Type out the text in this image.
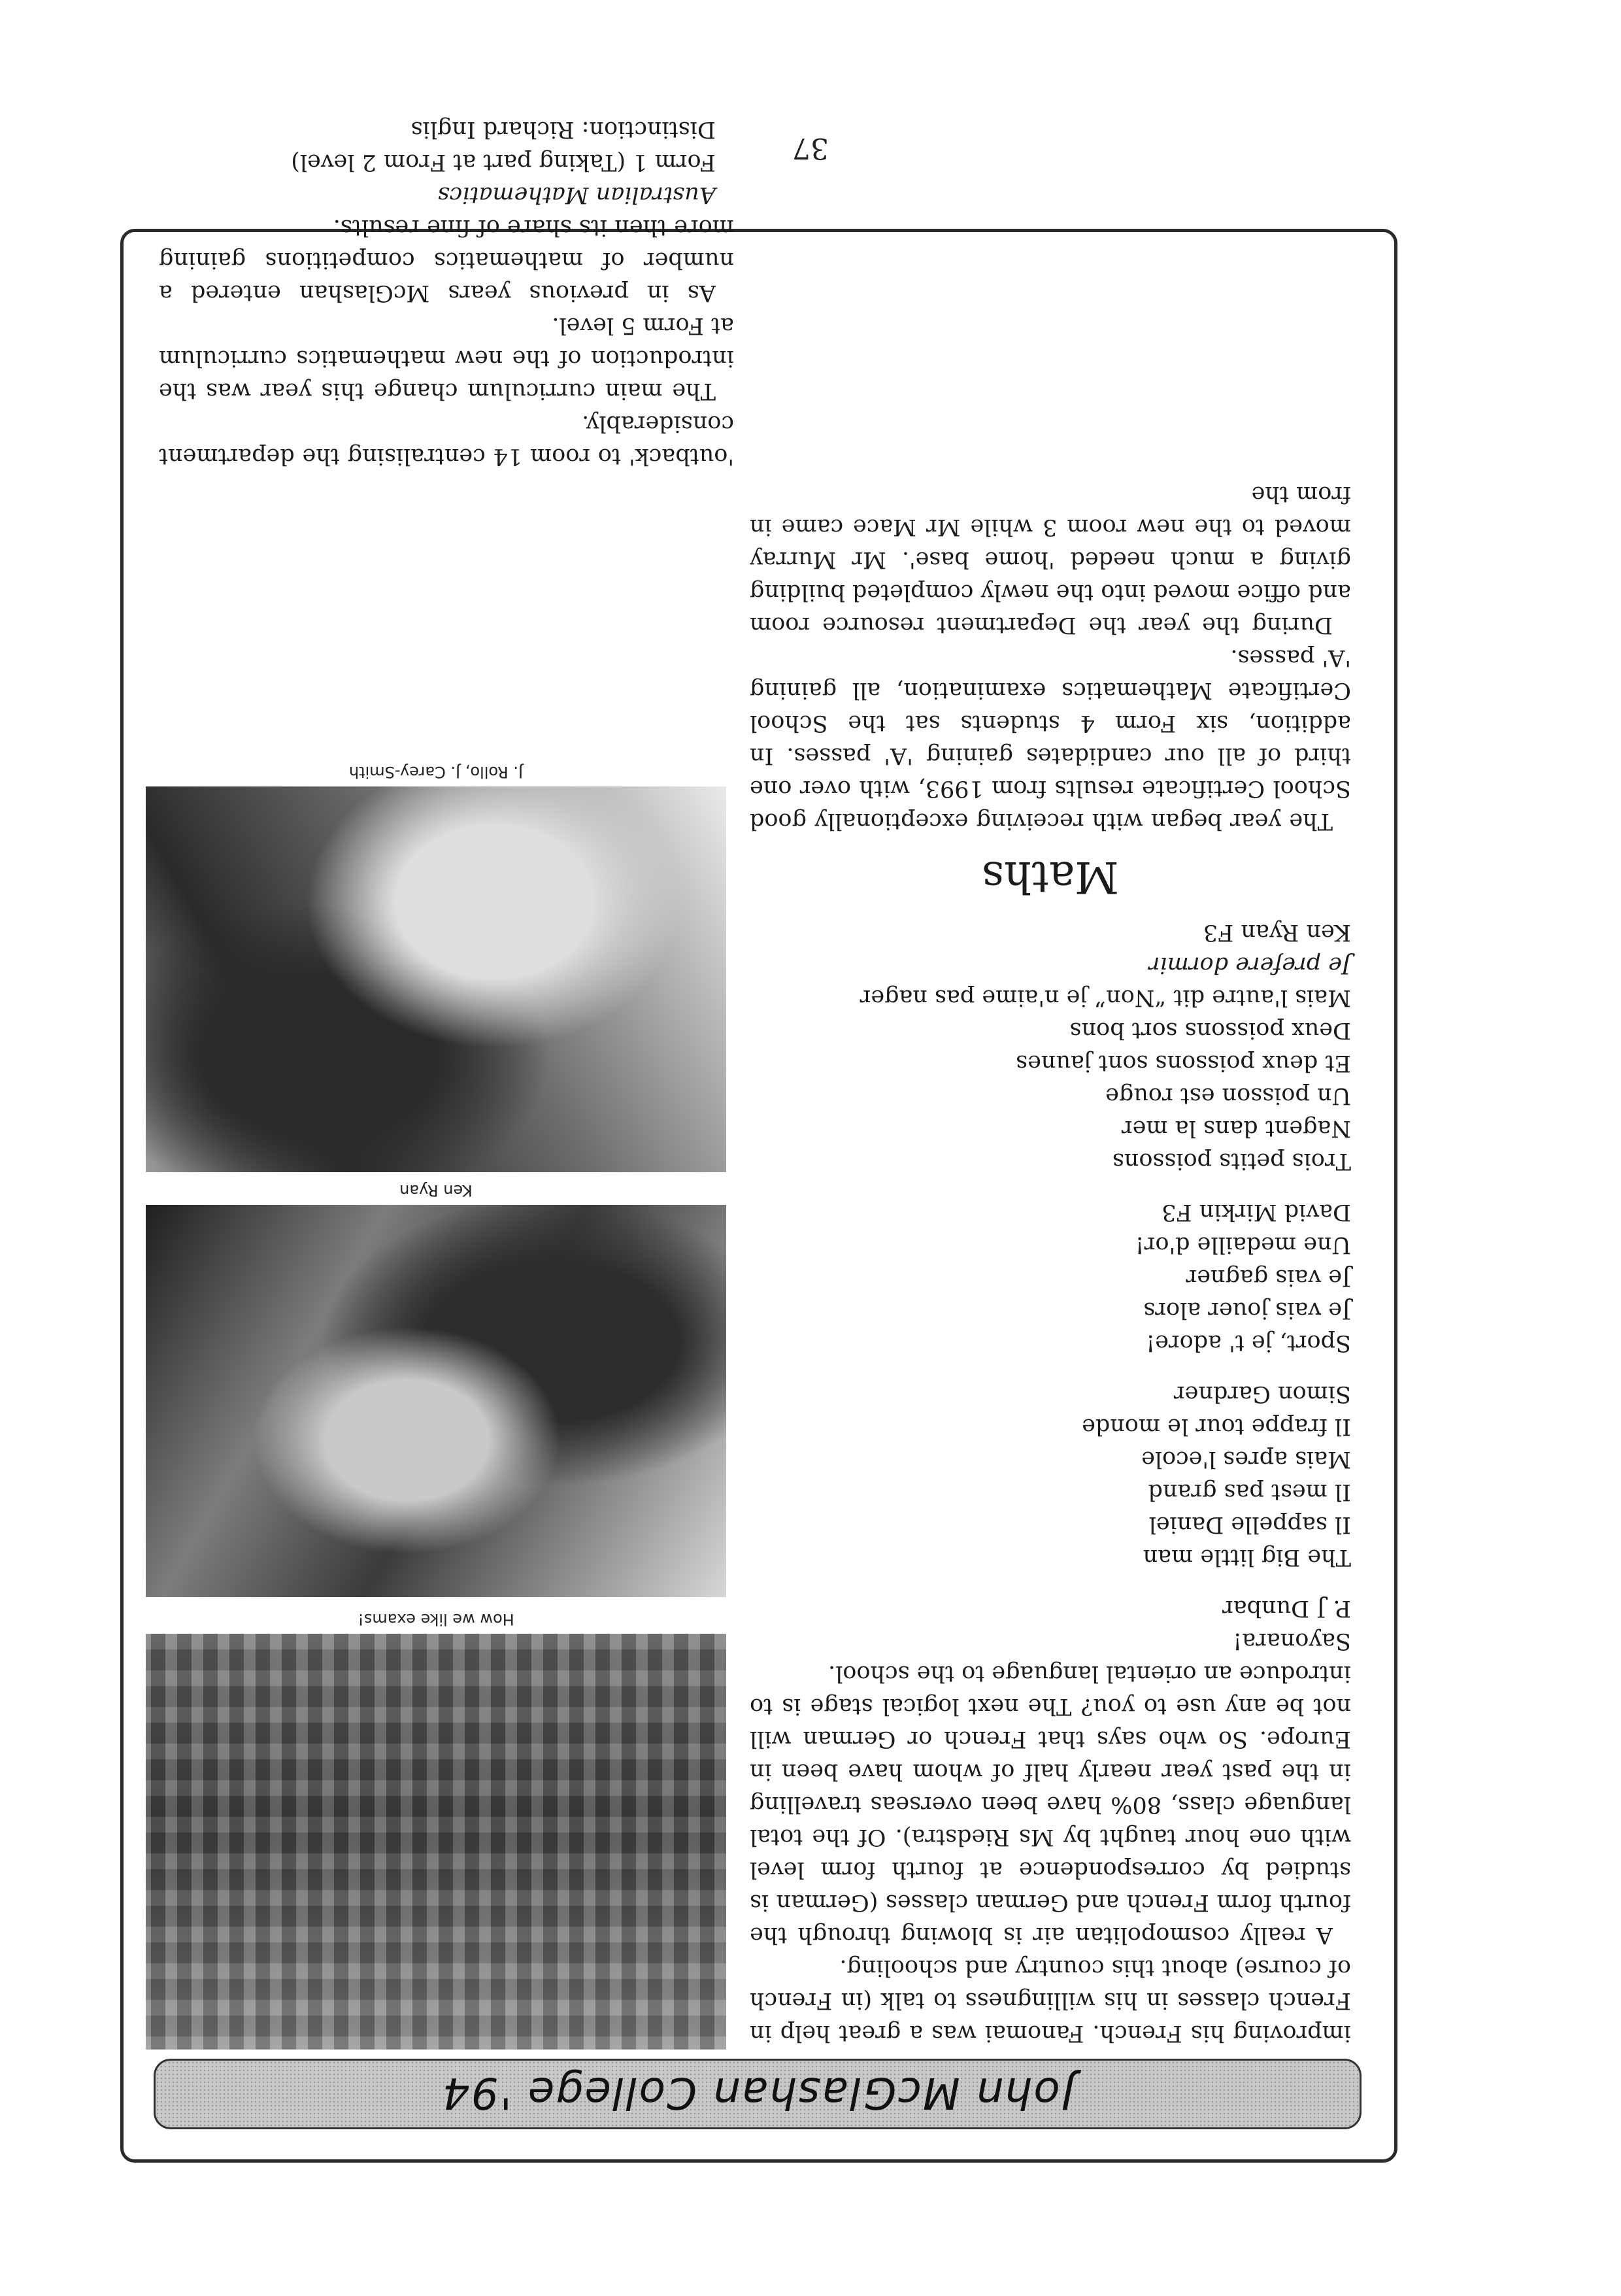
John McGlashan College '94

improving his French. Fanomai was a great help in French classes in his willingness to talk (in French of course) about this country and schooling.

A really cosmopolitan air is blowing through the fourth form French and German classes (German is studied by correspondence at fourth form level with one hour taught by Ms Riedstra). Of the total language class, 80% have been overseas travelling in the past year nearly half of whom have been in Europe. So who says that French or German will not be any use to you? The next logical stage is to introduce an oriental language to the school.

Sayonara!
P. J Dunbar
The Big little man
Il sappelle Daniel
Il mest pas grand
Mais apres l'ecole
Il frappe tour le monde
Simon Gardner
Sport, je t' adore!
Je vais jouer alors
Je vais gagner
Une medaille d'or!
David Mirkin F3
Trois petits poissons
Nagent dans la mer
Un poisson est rouge
Et deux poissons sont jaunes
Deux poissons sort bons
Mais l'autre dit “Non” je n'aime pas nager
Je prefere dormir
Ken Ryan F3
Maths

The year began with receiving exceptionally good School Certificate results from 1993, with over one third of all our candidates gaining 'A' passes. In addition, six Form 4 students sat the School Certificate Mathematics examination, all gaining 'A' passes.

During the year the Department resource room and office moved into the newly completed building giving a much needed 'home base'. Mr Murray moved to the new room 3 while Mr Mace came in from the

How we like exams!
Ken Ryan
J. Rollo, J. Carey-Smith

'outback' to room 14 centralising the department considerably.

The main curriculum change this year was the introduction of the new mathematics curriculum at Form 5 level.

As in previous years McGlashan entered a number of mathematics competitions gaining more then its share of fine results.

Australian Mathematics
Form 1 (Taking part at From 2 level)
Distinction: Richard Inglis
37
